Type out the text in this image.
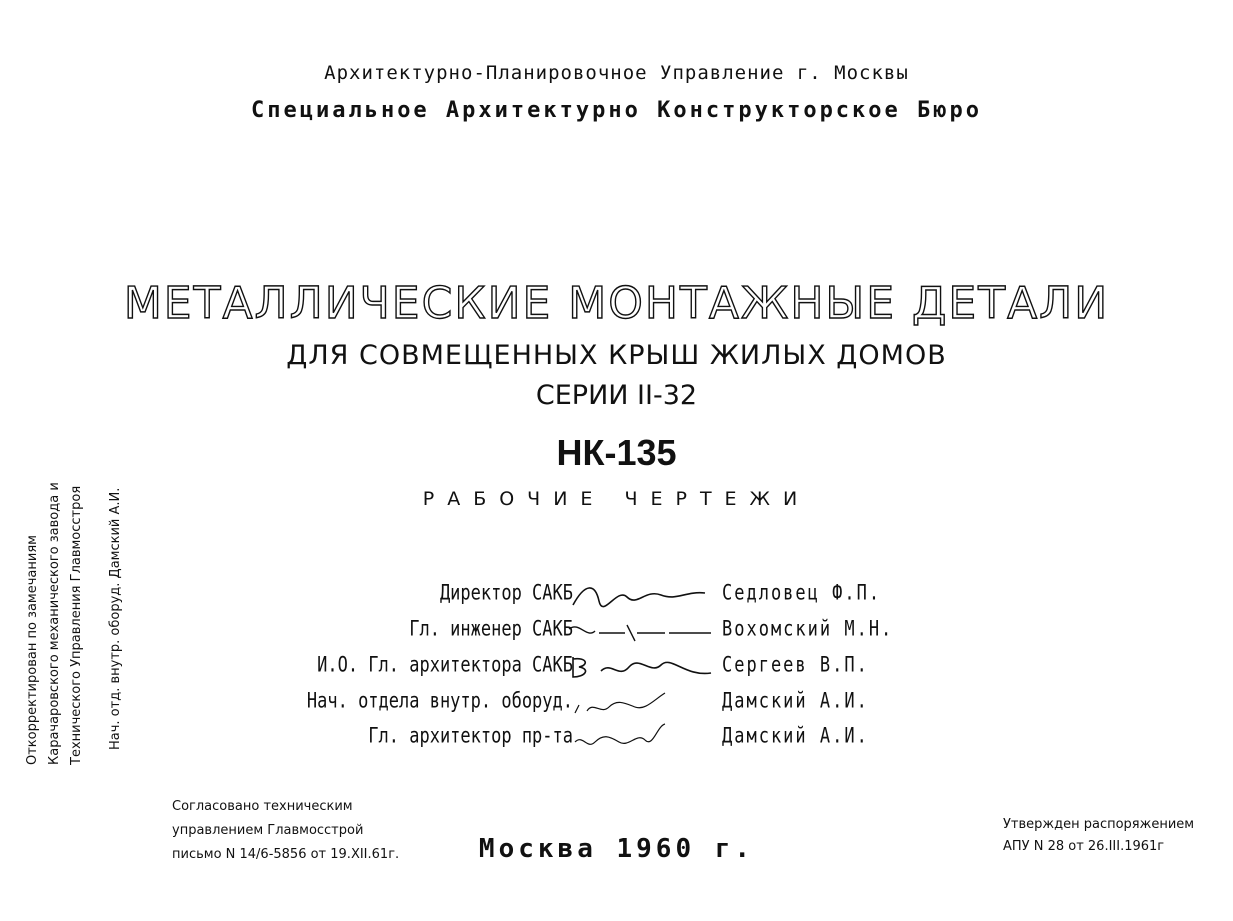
Архитектурно-Планировочное Управление г. Москвы
Специальное Архитектурно Конструкторское Бюро
МЕТАЛЛИЧЕСКИЕ МОНТАЖНЫЕ ДЕТАЛИ
ДЛЯ СОВМЕЩЕННЫХ КРЫШ ЖИЛЫХ ДОМОВ
СЕРИИ II-32
НК-135
РАБОЧИЕ ЧЕРТЕЖИ
Директор САКБ	Седловец Ф.П.
Гл. инженер САКБ	Вохомский М.Н.
И.О. Гл. архитектора САКБ	Сергеев В.П.
Нач. отдела внутр. оборуд.	Дамский А.И.
Гл. архитектор пр-та	Дамский А.И.
Согласовано техническим
управлением Главмосстрой
письмо N 14/6-5856 от 19.XII.61г.	Москва 1960 г.
Утвержден распоряжением
АПУ N 28 от 26.III.1961г
Откорректирован по замечаниям Карачаровского механического завода и Технического Управления Главмосстроя	Нач. отд. внутр. оборуд. Дамский А.И.
